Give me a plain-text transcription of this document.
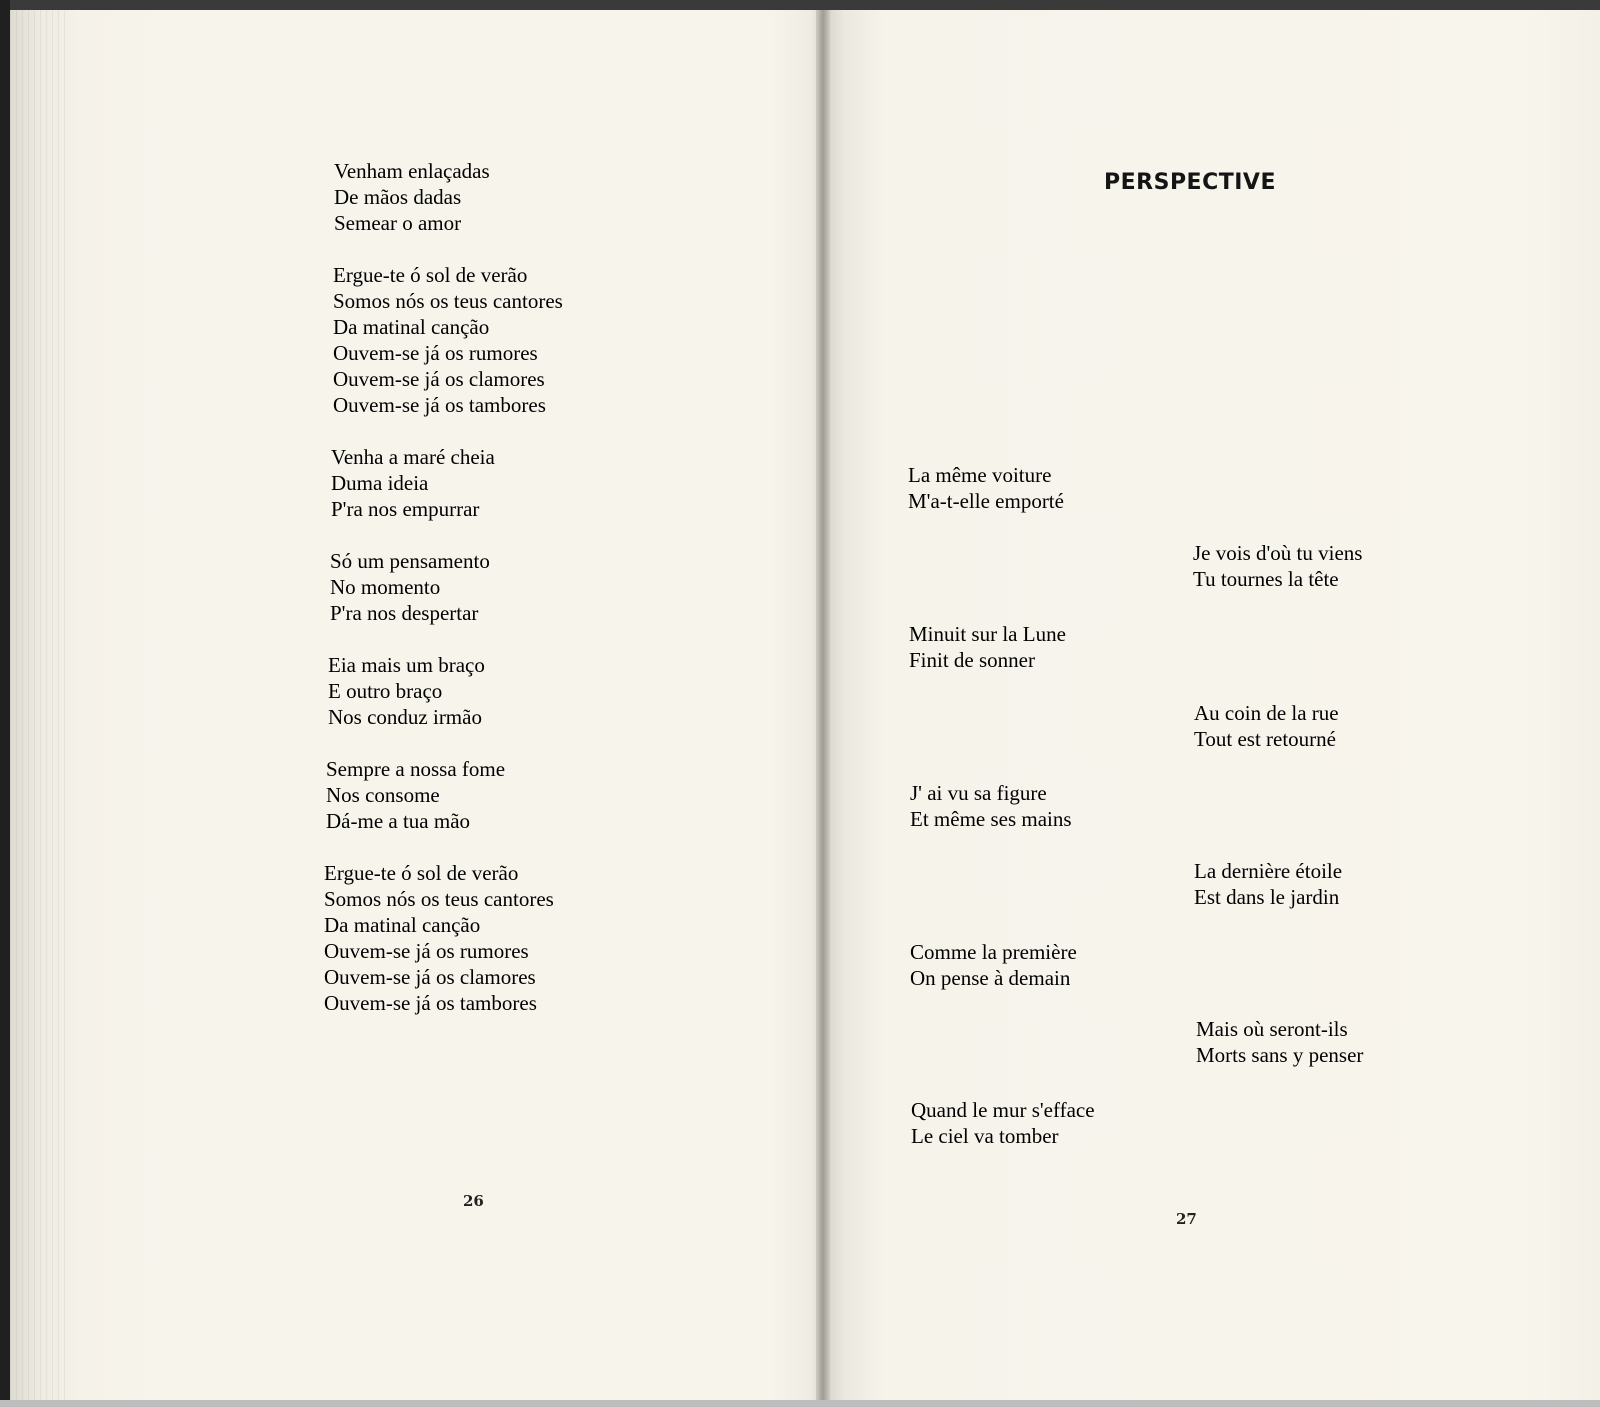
Venham enlaçadas
De mãos dadas
Semear o amor
Ergue-te ó sol de verão
Somos nós os teus cantores
Da matinal canção
Ouvem-se já os rumores
Ouvem-se já os clamores
Ouvem-se já os tambores
Venha a maré cheia
Duma ideia
P'ra nos empurrar
Só um pensamento
No momento
P'ra nos despertar
Eia mais um braço
E outro braço
Nos conduz irmão
Sempre a nossa fome
Nos consome
Dá-me a tua mão
Ergue-te ó sol de verão
Somos nós os teus cantores
Da matinal canção
Ouvem-se já os rumores
Ouvem-se já os clamores
Ouvem-se já os tambores
26
PERSPECTIVE
La même voiture
M'a-t-elle emporté
Je vois d'où tu viens
Tu tournes la tête
Minuit sur la Lune
Finit de sonner
Au coin de la rue
Tout est retourné
J' ai vu sa figure
Et même ses mains
La dernière étoile
Est dans le jardin
Comme la première
On pense à demain
Mais où seront-ils
Morts sans y penser
Quand le mur s'efface
Le ciel va tomber
27
